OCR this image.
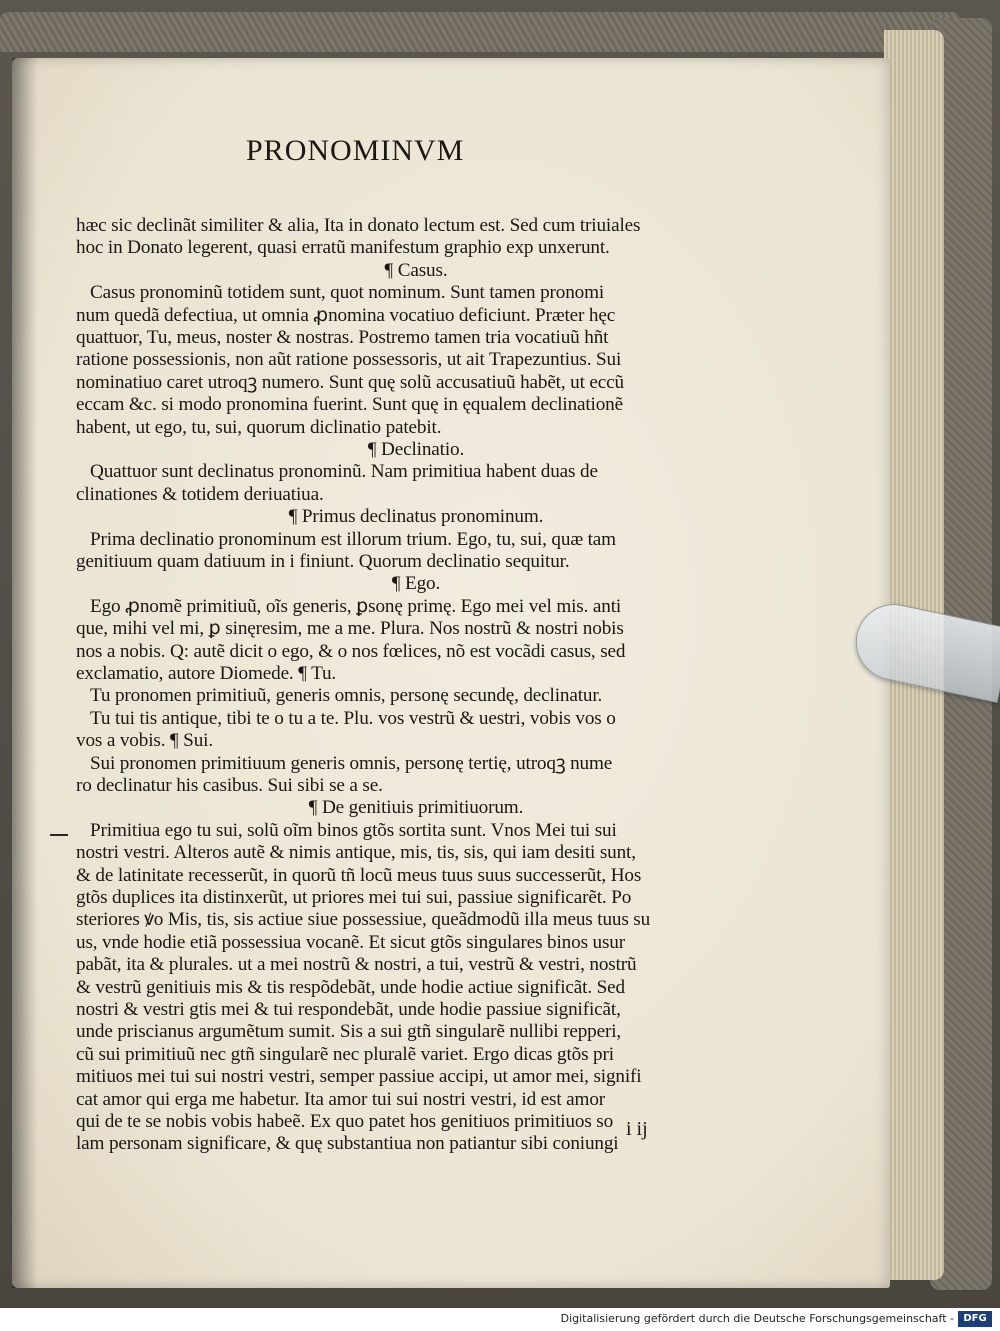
PRONOMINVM
hæc sic declinãt similiter & alia, Ita in donato lectum est. Sed cum triuiales
hoc in Donato legerent, quasi erratũ manifestum graphio exp unxerunt.
¶ Casus.
Casus pronominũ totidem sunt, quot nominum. Sunt tamen pronomi
num quedã defectiua, ut omnia ꝓnomina vocatiuo deficiunt. Præter hęc
quattuor, Tu, meus, noster & nostras. Postremo tamen tria vocatiuũ hñt
ratione possessionis, non aũt ratione possessoris, ut ait Trapezuntius. Sui
nominatiuo caret utroqꝫ numero. Sunt quę solũ accusatiuũ habẽt, ut eccũ
eccam &c. si modo pronomina fuerint. Sunt quę in ęqualem declinationẽ
habent, ut ego, tu, sui, quorum diclinatio patebit.
¶ Declinatio.
Quattuor sunt declinatus pronominũ. Nam primitiua habent duas de
clinationes & totidem deriuatiua.
¶ Primus declinatus pronominum.
Prima declinatio pronominum est illorum trium. Ego, tu, sui, quæ tam
genitiuum quam datiuum in i finiunt. Quorum declinatio sequitur.
¶ Ego.
Ego ꝓnomẽ primitiuũ, oĩs generis, ꝑsonę primę. Ego mei vel mis. anti
que, mihi vel mi, ꝑ sinęresim, me a me. Plura. Nos nostrũ & nostri nobis
nos a nobis. Q: autẽ dicit o ego, & o nos fœlices, nõ est vocãdi casus, sed
exclamatio, autore Diomede. ¶ Tu.
Tu pronomen primitiuũ, generis omnis, personę secundę, declinatur.
Tu tui tis antique, tibi te o tu a te. Plu. vos vestrũ & uestri, vobis vos o
vos a vobis. ¶ Sui.
Sui pronomen primitiuum generis omnis, personę tertię, utroqꝫ nume
ro declinatur his casibus. Sui sibi se a se.
¶ De genitiuis primitiuorum.
Primitiua ego tu sui, solũ oĩm binos gtõs sortita sunt. Vnos Mei tui sui
nostri vestri. Alteros autẽ & nimis antique, mis, tis, sis, qui iam desiti sunt,
& de latinitate recesserũt, in quorũ tñ locũ meus tuus suus successerũt, Hos
gtõs duplices ita distinxerũt, ut priores mei tui sui, passiue significarẽt. Po
steriores ꝟo Mis, tis, sis actiue siue possessiue, queãdmodũ illa meus tuus su
us, vnde hodie etiã possessiua vocanẽ. Et sicut gtõs singulares binos usur
pabãt, ita & plurales. ut a mei nostrũ & nostri, a tui, vestrũ & vestri, nostrũ
& vestrũ genitiuis mis & tis respõdebãt, unde hodie actiue significãt. Sed
nostri & vestri gtis mei & tui respondebãt, unde hodie passiue significãt,
unde priscianus argumẽtum sumit. Sis a sui gtñ singularẽ nullibi repperi,
cũ sui primitiuũ nec gtñ singularẽ nec pluralẽ variet. Ergo dicas gtõs pri
mitiuos mei tui sui nostri vestri, semper passiue accipi, ut amor mei, signifi
cat amor qui erga me habetur. Ita amor tui sui nostri vestri, id est amor
qui de te se nobis vobis habeẽ. Ex quo patet hos genitiuos primitiuos so
lam personam significare, & quę substantiua non patiantur sibi coniungi
i ij
Digitalisierung gefördert durch die Deutsche Forschungsgemeinschaft - DFG
